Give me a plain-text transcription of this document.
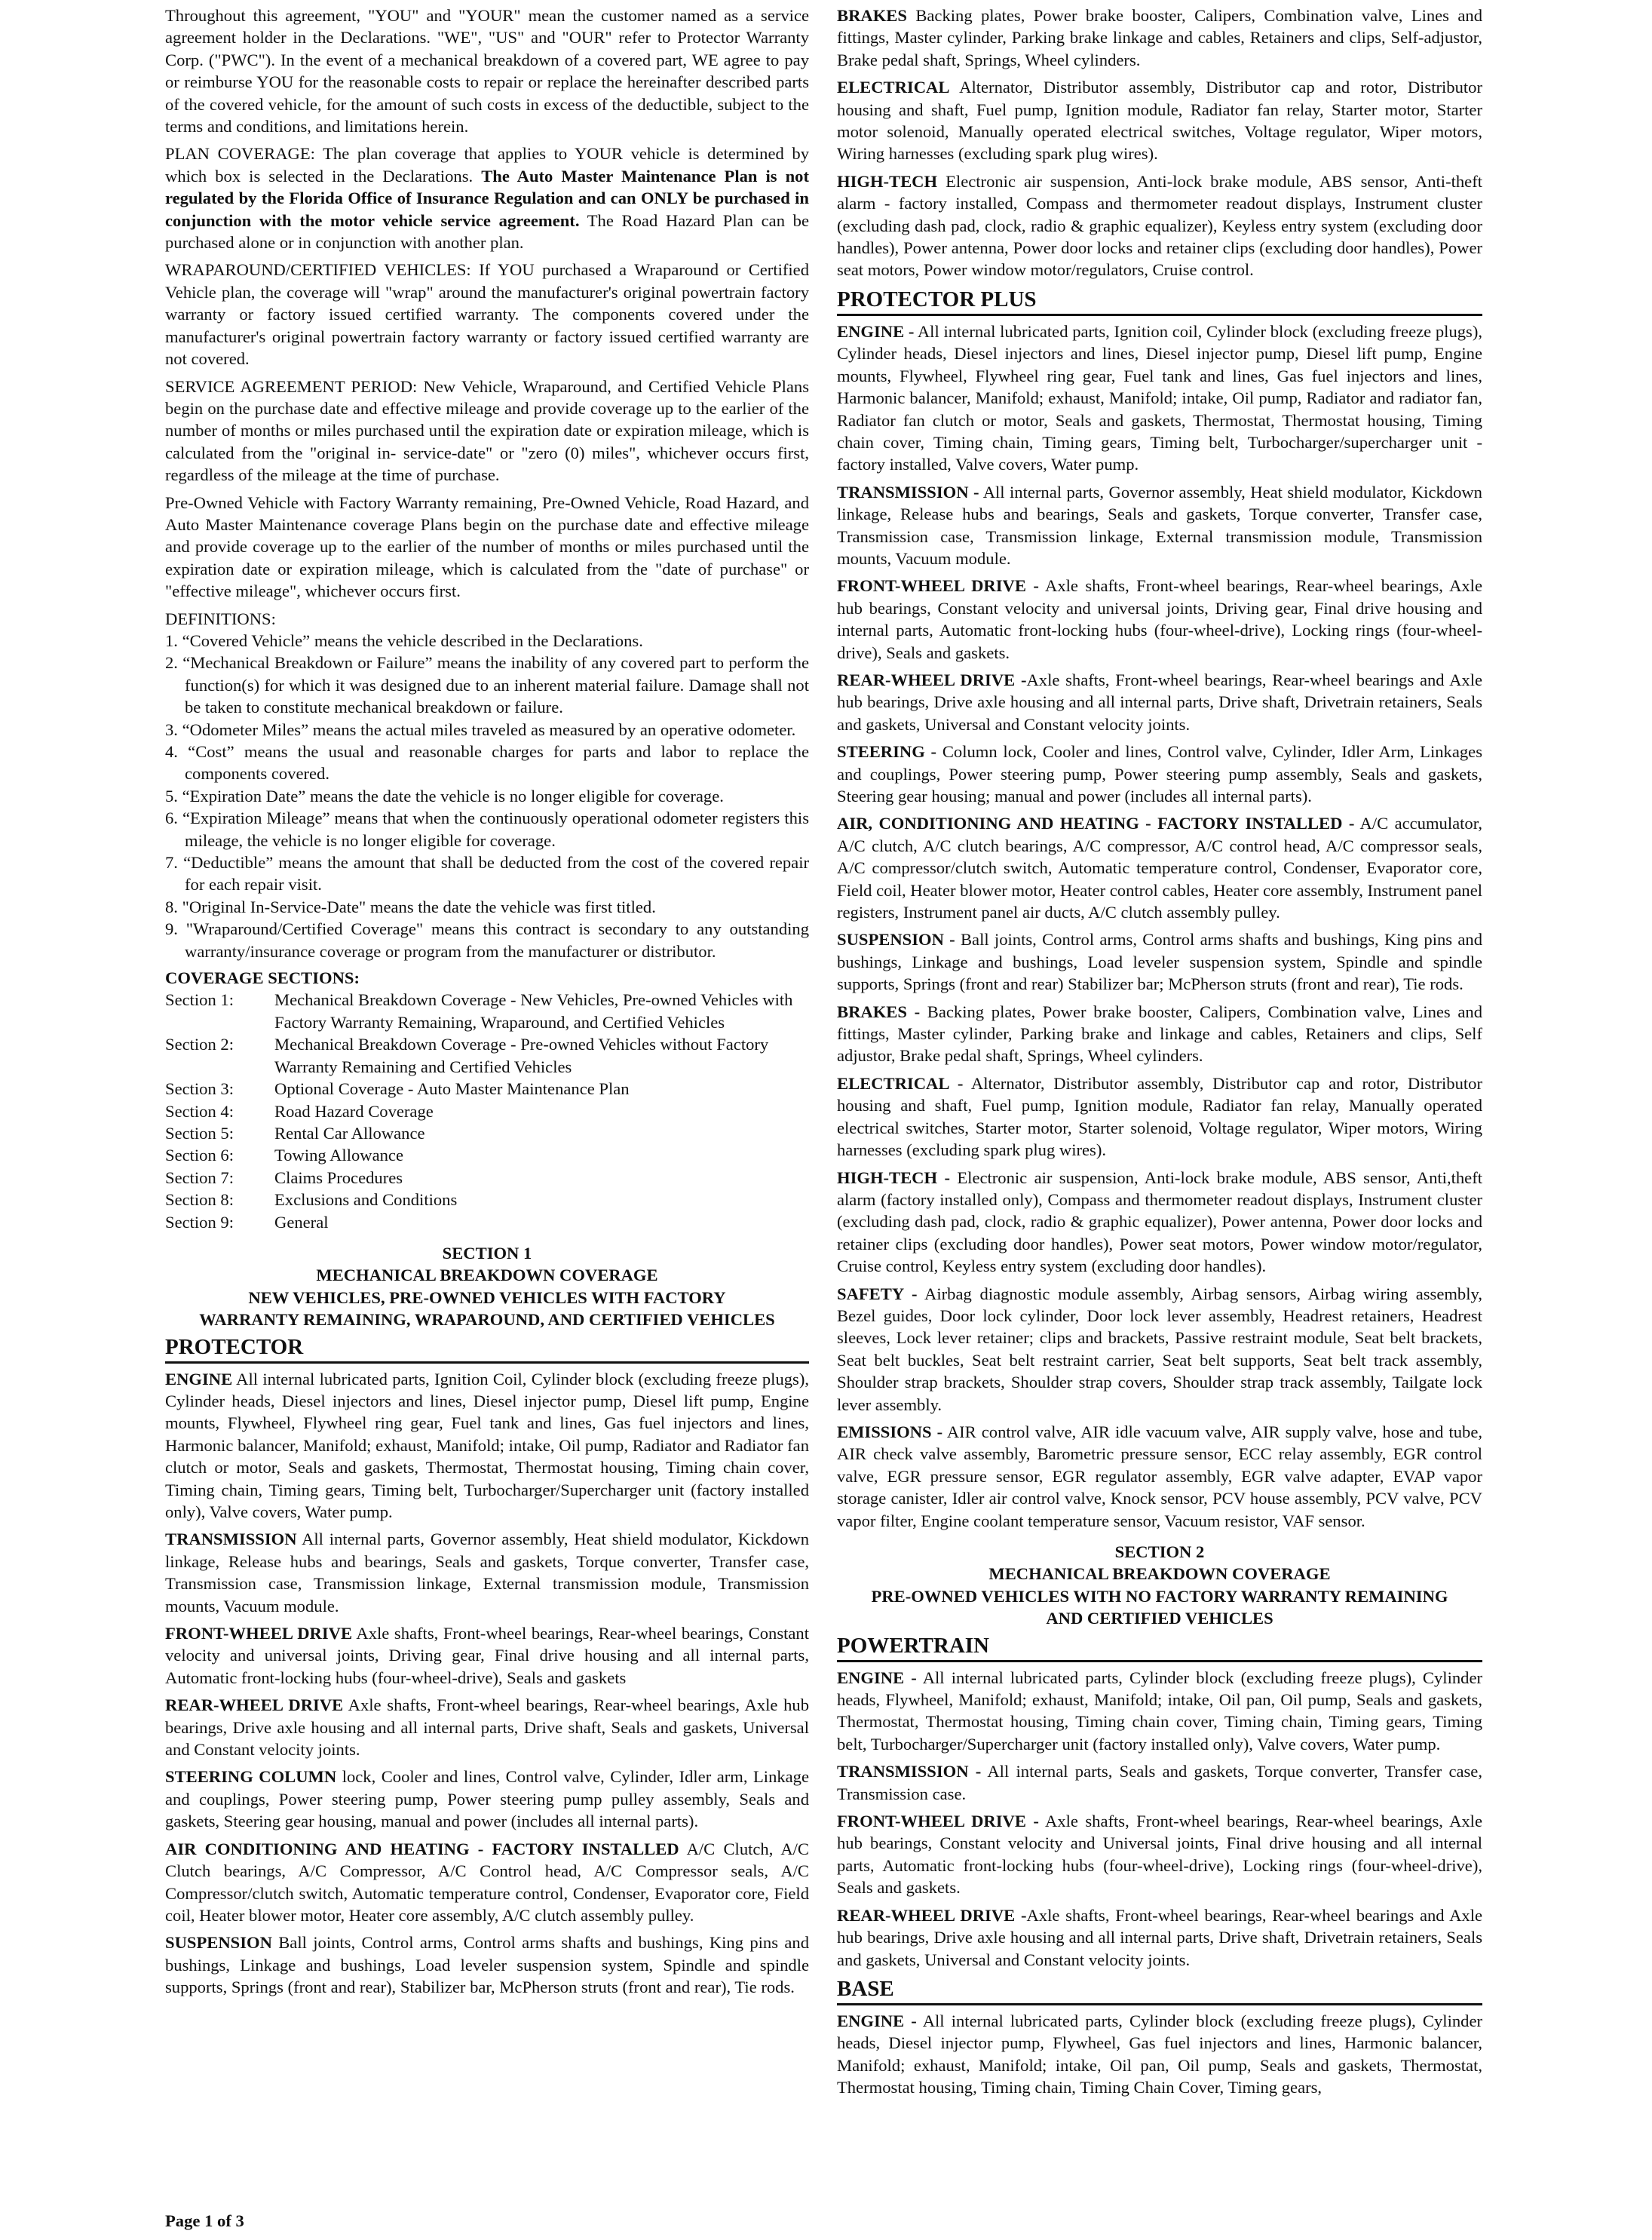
Throughout this agreement, "YOU" and "YOUR" mean the customer named as a service agreement holder in the Declarations. "WE", "US" and "OUR" refer to Protector Warranty Corp. ("PWC"). In the event of a mechanical breakdown of a covered part, WE agree to pay or reimburse YOU for the reasonable costs to repair or replace the hereinafter described parts of the covered vehicle, for the amount of such costs in excess of the deductible, subject to the terms and conditions, and limitations herein.

PLAN COVERAGE: The plan coverage that applies to YOUR vehicle is determined by which box is selected in the Declarations. The Auto Master Maintenance Plan is not regulated by the Florida Office of Insurance Regulation and can ONLY be purchased in conjunction with the motor vehicle service agreement. The Road Hazard Plan can be purchased alone or in conjunction with another plan.

WRAPAROUND/CERTIFIED VEHICLES: If YOU purchased a Wraparound or Certified Vehicle plan, the coverage will "wrap" around the manufacturer's original powertrain factory warranty or factory issued certified warranty. The components covered under the manufacturer's original powertrain factory warranty or factory issued certified warranty are not covered.

SERVICE AGREEMENT PERIOD: New Vehicle, Wraparound, and Certified Vehicle Plans begin on the purchase date and effective mileage and provide coverage up to the earlier of the number of months or miles purchased until the expiration date or expiration mileage, which is calculated from the "original in- service-date" or "zero (0) miles", whichever occurs first, regardless of the mileage at the time of purchase.

Pre-Owned Vehicle with Factory Warranty remaining, Pre-Owned Vehicle, Road Hazard, and Auto Master Maintenance coverage Plans begin on the purchase date and effective mileage and provide coverage up to the earlier of the number of months or miles purchased until the expiration date or expiration mileage, which is calculated from the "date of purchase" or "effective mileage", whichever occurs first.

DEFINITIONS:
1. “Covered Vehicle” means the vehicle described in the Declarations.
2. “Mechanical Breakdown or Failure” means the inability of any covered part to perform the function(s) for which it was designed due to an inherent material failure. Damage shall not be taken to constitute mechanical breakdown or failure.
3. “Odometer Miles” means the actual miles traveled as measured by an operative odometer.
4. “Cost” means the usual and reasonable charges for parts and labor to replace the components covered.
5. “Expiration Date” means the date the vehicle is no longer eligible for coverage.
6. “Expiration Mileage” means that when the continuously operational odometer registers this mileage, the vehicle is no longer eligible for coverage.
7. “Deductible” means the amount that shall be deducted from the cost of the covered repair for each repair visit.
8. "Original In-Service-Date" means the date the vehicle was first titled.
9. "Wraparound/Certified Coverage" means this contract is secondary to any outstanding warranty/insurance coverage or program from the manufacturer or distributor.
COVERAGE SECTIONS:
Section 1:	Mechanical Breakdown Coverage - New Vehicles, Pre-owned Vehicles with Factory Warranty Remaining, Wraparound, and Certified Vehicles
Section 2:	Mechanical Breakdown Coverage - Pre-owned Vehicles without Factory Warranty Remaining and Certified Vehicles
Section 3:	Optional Coverage - Auto Master Maintenance Plan
Section 4:	Road Hazard Coverage
Section 5:	Rental Car Allowance
Section 6:	Towing Allowance
Section 7:	Claims Procedures
Section 8:	Exclusions and Conditions
Section 9:	General
SECTION 1
MECHANICAL BREAKDOWN COVERAGE
NEW VEHICLES, PRE-OWNED VEHICLES WITH FACTORY
WARRANTY REMAINING, WRAPAROUND, AND CERTIFIED VEHICLES
PROTECTOR

ENGINE All internal lubricated parts, Ignition Coil, Cylinder block (excluding freeze plugs), Cylinder heads, Diesel injectors and lines, Diesel injector pump, Diesel lift pump, Engine mounts, Flywheel, Flywheel ring gear, Fuel tank and lines, Gas fuel injectors and lines, Harmonic balancer, Manifold; exhaust, Manifold; intake, Oil pump, Radiator and Radiator fan clutch or motor, Seals and gaskets, Thermostat, Thermostat housing, Timing chain cover, Timing chain, Timing gears, Timing belt, Turbocharger/Supercharger unit (factory installed only), Valve covers, Water pump.

TRANSMISSION All internal parts, Governor assembly, Heat shield modulator, Kickdown linkage, Release hubs and bearings, Seals and gaskets, Torque converter, Transfer case, Transmission case, Transmission linkage, External transmission module, Transmission mounts, Vacuum module.

FRONT-WHEEL DRIVE Axle shafts, Front-wheel bearings, Rear-wheel bearings, Constant velocity and universal joints, Driving gear, Final drive housing and all internal parts, Automatic front-locking hubs (four-wheel-drive), Seals and gaskets

REAR-WHEEL DRIVE Axle shafts, Front-wheel bearings, Rear-wheel bearings, Axle hub bearings, Drive axle housing and all internal parts, Drive shaft, Seals and gaskets, Universal and Constant velocity joints.

STEERING COLUMN lock, Cooler and lines, Control valve, Cylinder, Idler arm, Linkage and couplings, Power steering pump, Power steering pump pulley assembly, Seals and gaskets, Steering gear housing, manual and power (includes all internal parts).

AIR CONDITIONING AND HEATING - FACTORY INSTALLED A/C Clutch, A/C Clutch bearings, A/C Compressor, A/C Control head, A/C Compressor seals, A/C Compressor/clutch switch, Automatic temperature control, Condenser, Evaporator core, Field coil, Heater blower motor, Heater core assembly, A/C clutch assembly pulley.

SUSPENSION Ball joints, Control arms, Control arms shafts and bushings, King pins and bushings, Linkage and bushings, Load leveler suspension system, Spindle and spindle supports, Springs (front and rear), Stabilizer bar, McPherson struts (front and rear), Tie rods.

BRAKES Backing plates, Power brake booster, Calipers, Combination valve, Lines and fittings, Master cylinder, Parking brake linkage and cables, Retainers and clips, Self-adjustor, Brake pedal shaft, Springs, Wheel cylinders.

ELECTRICAL Alternator, Distributor assembly, Distributor cap and rotor, Distributor housing and shaft, Fuel pump, Ignition module, Radiator fan relay, Starter motor, Starter motor solenoid, Manually operated electrical switches, Voltage regulator, Wiper motors, Wiring harnesses (excluding spark plug wires).

HIGH-TECH Electronic air suspension, Anti-lock brake module, ABS sensor, Anti-theft alarm - factory installed, Compass and thermometer readout displays, Instrument cluster (excluding dash pad, clock, radio & graphic equalizer), Keyless entry system (excluding door handles), Power antenna, Power door locks and retainer clips (excluding door handles), Power seat motors, Power window motor/regulators, Cruise control.

PROTECTOR PLUS

ENGINE - All internal lubricated parts, Ignition coil, Cylinder block (excluding freeze plugs), Cylinder heads, Diesel injectors and lines, Diesel injector pump, Diesel lift pump, Engine mounts, Flywheel, Flywheel ring gear, Fuel tank and lines, Gas fuel injectors and lines, Harmonic balancer, Manifold; exhaust, Manifold; intake, Oil pump, Radiator and radiator fan, Radiator fan clutch or motor, Seals and gaskets, Thermostat, Thermostat housing, Timing chain cover, Timing chain, Timing gears, Timing belt, Turbocharger/supercharger unit - factory installed, Valve covers, Water pump.

TRANSMISSION - All internal parts, Governor assembly, Heat shield modulator, Kickdown linkage, Release hubs and bearings, Seals and gaskets, Torque converter, Transfer case, Transmission case, Transmission linkage, External transmission module, Transmission mounts, Vacuum module.

FRONT-WHEEL DRIVE - Axle shafts, Front-wheel bearings, Rear-wheel bearings, Axle hub bearings, Constant velocity and universal joints, Driving gear, Final drive housing and internal parts, Automatic front-locking hubs (four-wheel-drive), Locking rings (four-wheel-drive), Seals and gaskets.

REAR-WHEEL DRIVE -Axle shafts, Front-wheel bearings, Rear-wheel bearings and Axle hub bearings, Drive axle housing and all internal parts, Drive shaft, Drivetrain retainers, Seals and gaskets, Universal and Constant velocity joints.

STEERING - Column lock, Cooler and lines, Control valve, Cylinder, Idler Arm, Linkages and couplings, Power steering pump, Power steering pump assembly, Seals and gaskets, Steering gear housing; manual and power (includes all internal parts).

AIR, CONDITIONING AND HEATING - FACTORY INSTALLED - A/C accumulator, A/C clutch, A/C clutch bearings, A/C compressor, A/C control head, A/C compressor seals, A/C compressor/clutch switch, Automatic temperature control, Condenser, Evaporator core, Field coil, Heater blower motor, Heater control cables, Heater core assembly, Instrument panel registers, Instrument panel air ducts, A/C clutch assembly pulley.

SUSPENSION - Ball joints, Control arms, Control arms shafts and bushings, King pins and bushings, Linkage and bushings, Load leveler suspension system, Spindle and spindle supports, Springs (front and rear) Stabilizer bar; McPherson struts (front and rear), Tie rods.

BRAKES - Backing plates, Power brake booster, Calipers, Combination valve, Lines and fittings, Master cylinder, Parking brake and linkage and cables, Retainers and clips, Self adjustor, Brake pedal shaft, Springs, Wheel cylinders.

ELECTRICAL - Alternator, Distributor assembly, Distributor cap and rotor, Distributor housing and shaft, Fuel pump, Ignition module, Radiator fan relay, Manually operated electrical switches, Starter motor, Starter solenoid, Voltage regulator, Wiper motors, Wiring harnesses (excluding spark plug wires).

HIGH-TECH - Electronic air suspension, Anti-lock brake module, ABS sensor, Anti,theft alarm (factory installed only), Compass and thermometer readout displays, Instrument cluster (excluding dash pad, clock, radio & graphic equalizer), Power antenna, Power door locks and retainer clips (excluding door handles), Power seat motors, Power window motor/regulator, Cruise control, Keyless entry system (excluding door handles).

SAFETY - Airbag diagnostic module assembly, Airbag sensors, Airbag wiring assembly, Bezel guides, Door lock cylinder, Door lock lever assembly, Headrest retainers, Headrest sleeves, Lock lever retainer; clips and brackets, Passive restraint module, Seat belt brackets, Seat belt buckles, Seat belt restraint carrier, Seat belt supports, Seat belt track assembly, Shoulder strap brackets, Shoulder strap covers, Shoulder strap track assembly, Tailgate lock lever assembly.

EMISSIONS - AIR control valve, AIR idle vacuum valve, AIR supply valve, hose and tube, AIR check valve assembly, Barometric pressure sensor, ECC relay assembly, EGR control valve, EGR pressure sensor, EGR regulator assembly, EGR valve adapter, EVAP vapor storage canister, Idler air control valve, Knock sensor, PCV house assembly, PCV valve, PCV vapor filter, Engine coolant temperature sensor, Vacuum resistor, VAF sensor.

SECTION 2
MECHANICAL BREAKDOWN COVERAGE
PRE-OWNED VEHICLES WITH NO FACTORY WARRANTY REMAINING
AND CERTIFIED VEHICLES
POWERTRAIN

ENGINE - All internal lubricated parts, Cylinder block (excluding freeze plugs), Cylinder heads, Flywheel, Manifold; exhaust, Manifold; intake, Oil pan, Oil pump, Seals and gaskets, Thermostat, Thermostat housing, Timing chain cover, Timing chain, Timing gears, Timing belt, Turbocharger/Supercharger unit (factory installed only), Valve covers, Water pump.

TRANSMISSION - All internal parts, Seals and gaskets, Torque converter, Transfer case, Transmission case.

FRONT-WHEEL DRIVE - Axle shafts, Front-wheel bearings, Rear-wheel bearings, Axle hub bearings, Constant velocity and Universal joints, Final drive housing and all internal parts, Automatic front-locking hubs (four-wheel-drive), Locking rings (four-wheel-drive), Seals and gaskets.

REAR-WHEEL DRIVE -Axle shafts, Front-wheel bearings, Rear-wheel bearings and Axle hub bearings, Drive axle housing and all internal parts, Drive shaft, Drivetrain retainers, Seals and gaskets, Universal and Constant velocity joints.

BASE

ENGINE - All internal lubricated parts, Cylinder block (excluding freeze plugs), Cylinder heads, Diesel injector pump, Flywheel, Gas fuel injectors and lines, Harmonic balancer, Manifold; exhaust, Manifold; intake, Oil pan, Oil pump, Seals and gaskets, Thermostat, Thermostat housing, Timing chain, Timing Chain Cover, Timing gears,

Page 1 of 3
